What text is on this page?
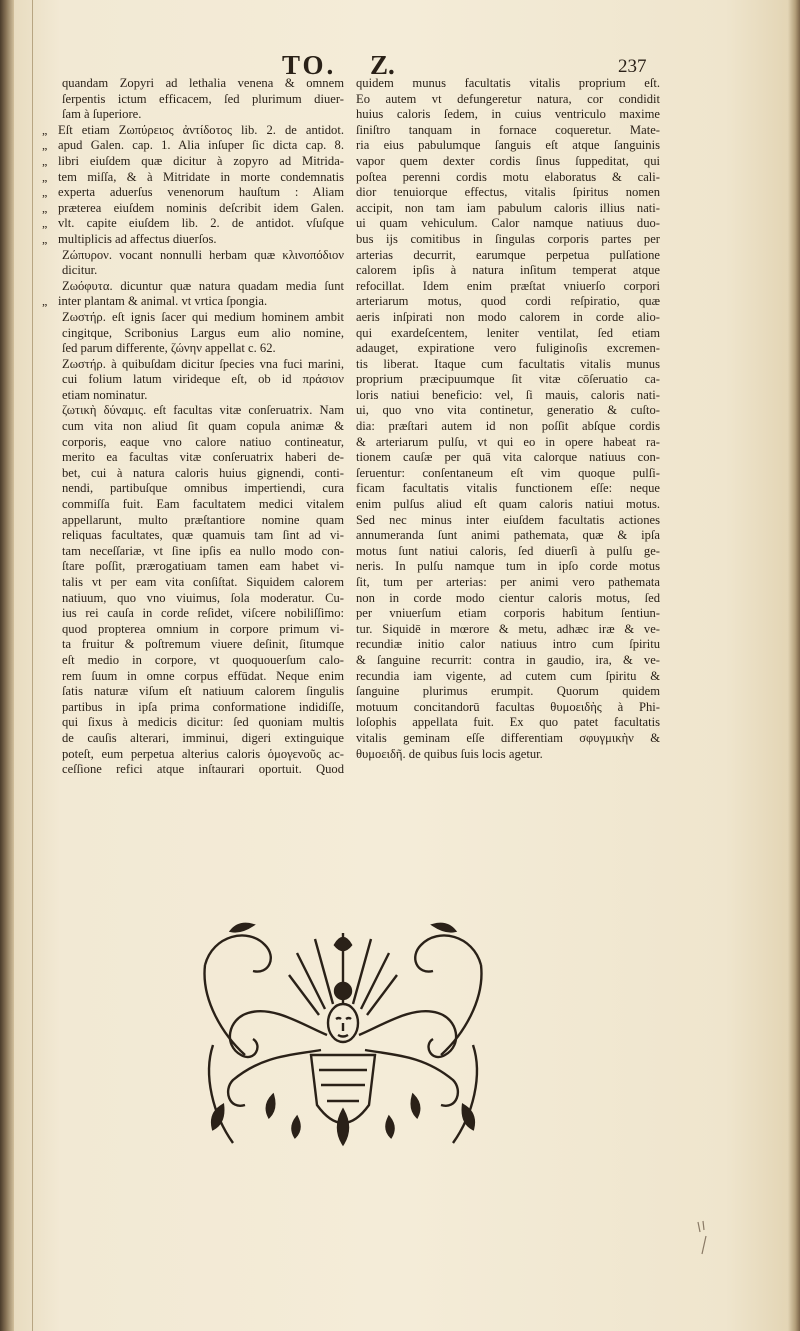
TO. Z.	237

quandam Zopyri ad lethalia venena & omnem

ſerpentis ictum efficacem, ſed plurimum diuer-

ſam à ſuperiore.

„ Eſt etiam Ζωπύρειος ἀντίδοτος lib. 2. de antidot.

„ apud Galen. cap. 1. Alia inſuper ſic dicta cap. 8.

„ libri eiuſdem quæ dicitur à zopyro ad Mitrida-

„ tem miſſa, & à Mitridate in morte condemnatis

„ experta aduerſus venenorum hauſtum : Aliam

„ præterea eiuſdem nominis deſcribit idem Galen.

„ vlt. capite eiuſdem lib. 2. de antidot. vſuſque

„ multiplicis ad affectus diuerſos.

Ζώπυρον. vocant nonnulli herbam quæ κλινοπόδιον

dicitur.

Ζωόφυτα. dicuntur quæ natura quadam media ſunt

„ inter plantam & animal. vt vrtica ſpongia.

Ζωστήρ. eſt ignis ſacer qui medium hominem ambit

cingitque, Scribonius Largus eum alio nomine,

ſed parum differente, ζώνην appellat c. 62.

Ζωστήρ. à quibuſdam dicitur ſpecies vna fuci marini,

cui folium latum virideque eſt, ob id πράσιον

etiam nominatur.

ζωτικὴ δύναμις. eſt facultas vitæ conſeruatrix. Nam

cum vita non aliud ſit quam copula animæ &

corporis, eaque vno calore natiuo contineatur,

merito ea facultas vitæ conſeruatrix haberi de-

bet, cui à natura caloris huius gignendi, conti-

nendi, partibuſque omnibus impertiendi, cura

commiſſa fuit. Eam facultatem medici vitalem

appellarunt, multo præſtantiore nomine quam

reliquas facultates, quæ quamuis tam ſint ad vi-

tam neceſſariæ, vt ſine ipſis ea nullo modo con-

ſtare poſſit, prærogatiuam tamen eam habet vi-

talis vt per eam vita conſiſtat. Siquidem calorem

natiuum, quo vno viuimus, ſola moderatur. Cu-

ius rei cauſa in corde reſidet, viſcere nobiliſſimo:

quod propterea omnium in corpore primum vi-

ta fruitur & poſtremum viuere deſinit, ſitumque

eſt medio in corpore, vt quoquouerſum calo-

rem ſuum in omne corpus effūdat. Neque enim

ſatis naturæ viſum eſt natiuum calorem ſingulis

partibus in ipſa prima conformatione indidiſſe,

qui ſixus à medicis dicitur: ſed quoniam multis

de cauſis alterari, imminui, digeri extinguique

poteſt, eum perpetua alterius caloris ὁμογενοῦς ac-

ceſſione refici atque inſtaurari oportuit. Quod

quidem munus facultatis vitalis proprium eſt.

Eo autem vt defungeretur natura, cor condidit

huius caloris ſedem, in cuius ventriculo maxime

ſiniſtro tanquam in fornace coqueretur. Mate-

ria eius pabulumque ſanguis eſt atque ſanguinis

vapor quem dexter cordis ſinus ſuppeditat, qui

poſtea perenni cordis motu elaboratus & cali-

dior tenuiorque effectus, vitalis ſpiritus nomen

accipit, non tam iam pabulum caloris illius nati-

ui quam vehiculum. Calor namque natiuus duo-

bus ijs comitibus in ſingulas corporis partes per

arterias decurrit, earumque perpetua pulſatione

calorem ipſis à natura inſitum temperat atque

refocillat. Idem enim præſtat vniuerſo corpori

arteriarum motus, quod cordi reſpiratio, quæ

aeris inſpirati non modo calorem in corde alio-

qui exardeſcentem, leniter ventilat, ſed etiam

adauget, expiratione vero fuliginoſis excremen-

tis liberat. Itaque cum facultatis vitalis munus

proprium præcipuumque ſit vitæ cōſeruatio ca-

loris natiui beneficio: vel, ſi mauis, caloris nati-

ui, quo vno vita continetur, generatio & cuſto-

dia: præſtari autem id non poſſit abſque cordis

& arteriarum pulſu, vt qui eo in opere habeat ra-

tionem cauſæ per quā vita calorque natiuus con-

ſeruentur: conſentaneum eſt vim quoque pulſi-

ficam facultatis vitalis functionem eſſe: neque

enim pulſus aliud eſt quam caloris natiui motus.

Sed nec minus inter eiuſdem facultatis actiones

annumeranda ſunt animi pathemata, quæ & ipſa

motus ſunt natiui caloris, ſed diuerſi à pulſu ge-

neris. In pulſu namque tum in ipſo corde motus

ſit, tum per arterias: per animi vero pathemata

non in corde modo cientur caloris motus, ſed

per vniuerſum etiam corporis habitum ſentiun-

tur. Siquidē in mœrore & metu, adhæc iræ & ve-

recundiæ initio calor natiuus intro cum ſpiritu

& ſanguine recurrit: contra in gaudio, ira, & ve-

recundia iam vigente, ad cutem cum ſpiritu &

ſanguine plurimus erumpit. Quorum quidem

motuum concitandorū facultas θυμοειδὴς à Phi-

loſophis appellata fuit. Ex quo patet facultatis

vitalis geminam eſſe differentiam σφυγμικὴν &

θυμοειδῆ. de quibus ſuis locis agetur.
